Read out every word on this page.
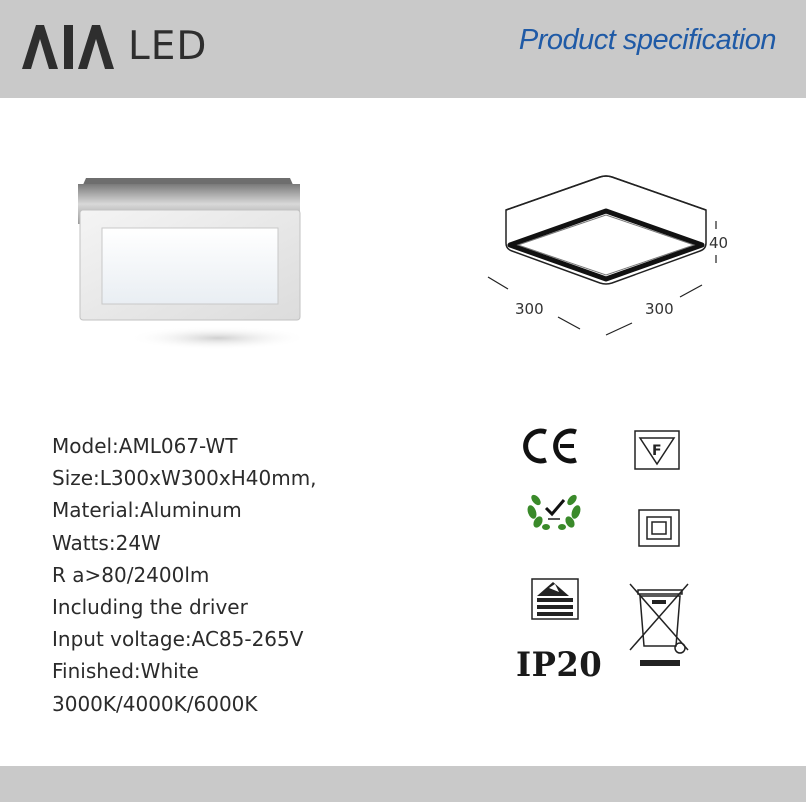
LED	Product specification
40
300	300
Model:AML067-WT
Size:L300xW300xH40mm,
Material:Aluminum
Watts:24W
R a>80/2400lm
Including the driver
Input voltage:AC85-265V
Finished:White
3000K/4000K/6000K
F
IP20
